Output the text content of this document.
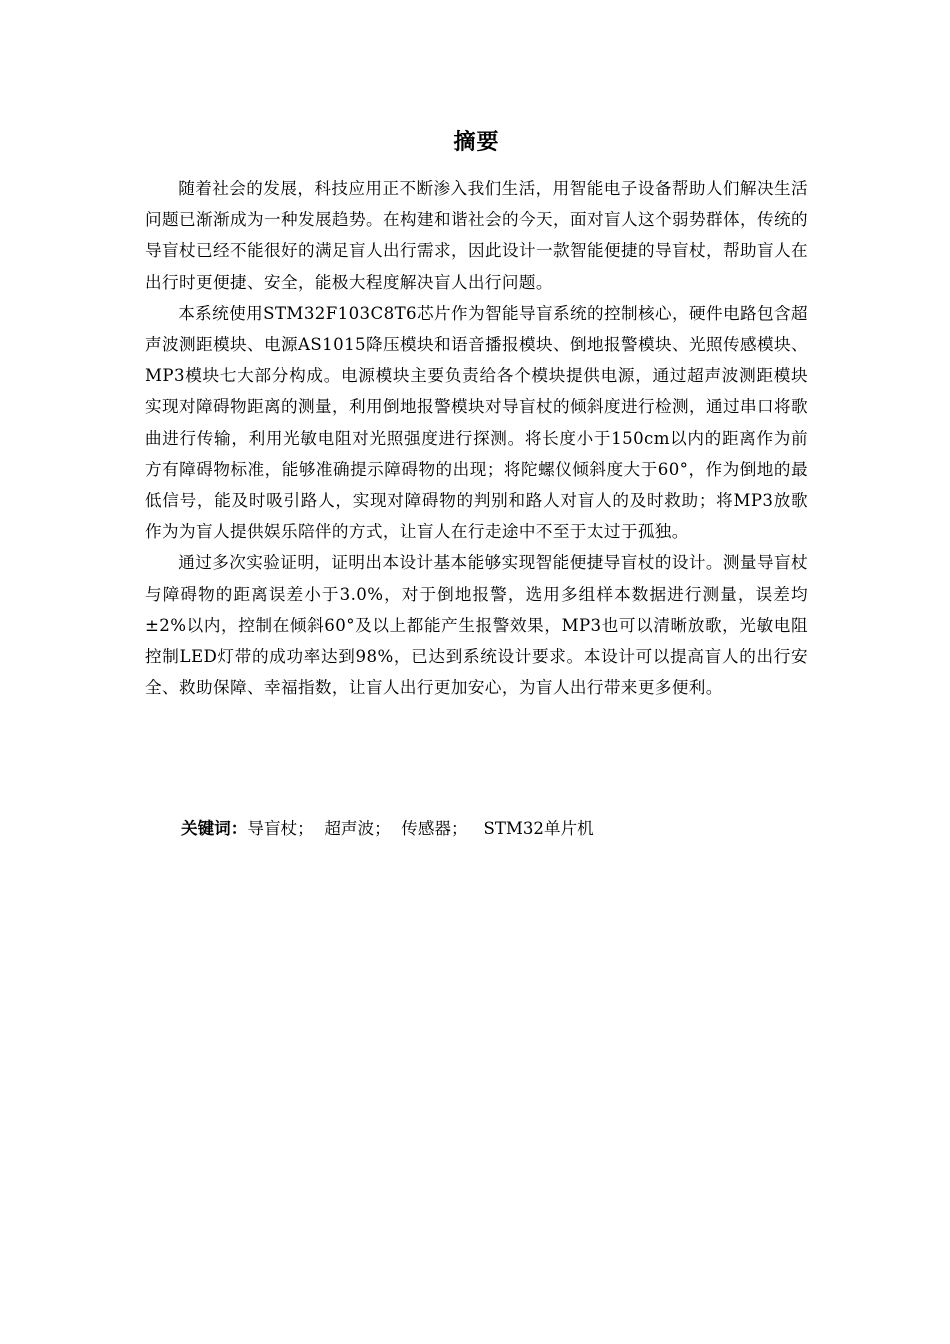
摘要

随着社会的发展，科技应用正不断渗入我们生活，用智能电子设备帮助人们解决生活问题已渐渐成为一种发展趋势。在构建和谐社会的今天，面对盲人这个弱势群体，传统的导盲杖已经不能很好的满足盲人出行需求，因此设计一款智能便捷的导盲杖，帮助盲人在出行时更便捷、安全，能极大程度解决盲人出行问题。

本系统使用STM32F103C8T6芯片作为智能导盲系统的控制核心，硬件电路包含超声波测距模块、电源AS1015降压模块和语音播报模块、倒地报警模块、光照传感模块、MP3模块七大部分构成。电源模块主要负责给各个模块提供电源，通过超声波测距模块实现对障碍物距离的测量，利用倒地报警模块对导盲杖的倾斜度进行检测，通过串口将歌曲进行传输，利用光敏电阻对光照强度进行探测。将长度小于150cm以内的距离作为前方有障碍物标准，能够准确提示障碍物的出现；将陀螺仪倾斜度大于60°，作为倒地的最低信号，能及时吸引路人，实现对障碍物的判别和路人对盲人的及时救助；将MP3放歌作为为盲人提供娱乐陪伴的方式，让盲人在行走途中不至于太过于孤独。

通过多次实验证明，证明出本设计基本能够实现智能便捷导盲杖的设计。测量导盲杖与障碍物的距离误差小于3.0%，对于倒地报警，选用多组样本数据进行测量，误差均±2%以内，控制在倾斜60°及以上都能产生报警效果，MP3也可以清晰放歌，光敏电阻控制LED灯带的成功率达到98%，已达到系统设计要求。本设计可以提高盲人的出行安全、救助保障、幸福指数，让盲人出行更加安心，为盲人出行带来更多便利。

关键词：导盲杖； 超声波； 传感器； STM32单片机
